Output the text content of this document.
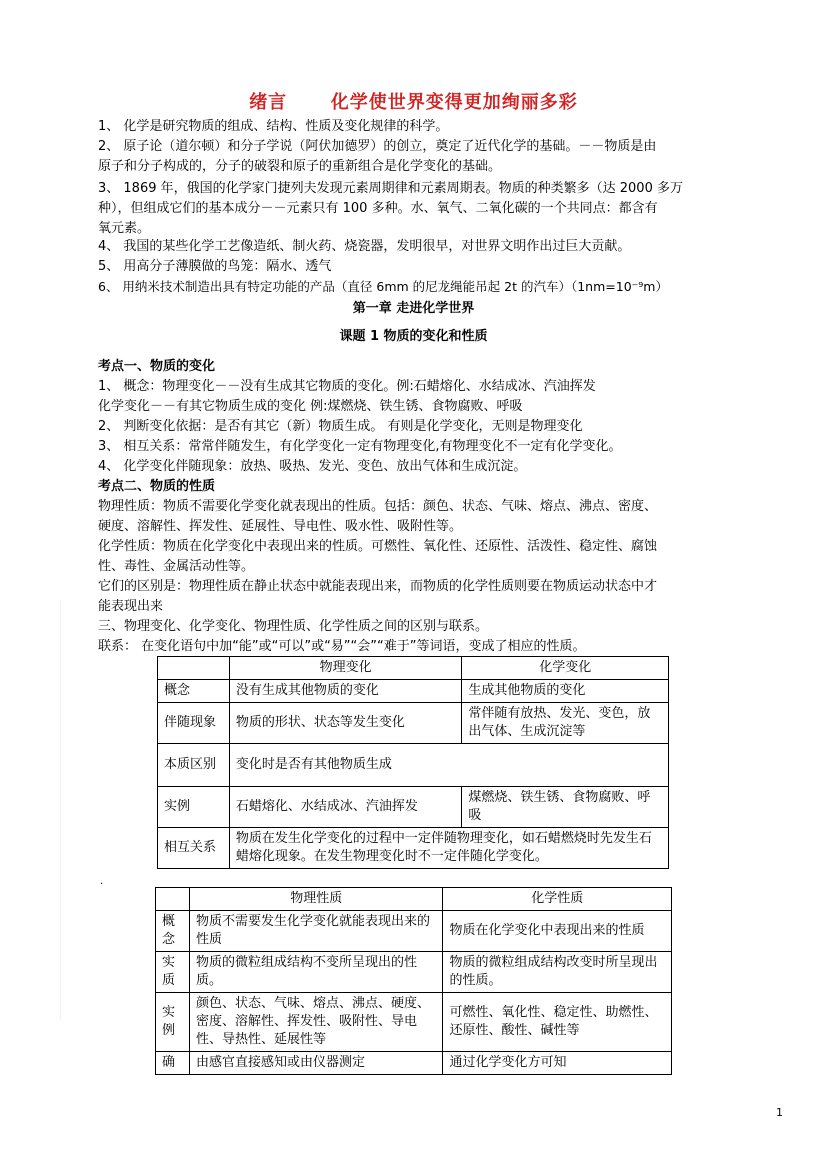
绪言      化学使世界变得更加绚丽多彩
1、 化学是研究物质的组成、结构、性质及变化规律的科学。
2、 原子论（道尔顿）和分子学说（阿伏加德罗）的创立，奠定了近代化学的基础。－－物质是由
原子和分子构成的，分子的破裂和原子的重新组合是化学变化的基础。
3、 1869 年，俄国的化学家门捷列夫发现元素周期律和元素周期表。物质的种类繁多（达 2000 多万
种），但组成它们的基本成分－－元素只有 100 多种。水、氧气、二氧化碳的一个共同点：都含有
氧元素。
4、 我国的某些化学工艺像造纸、制火药、烧瓷器，发明很早，对世界文明作出过巨大贡献。
5、 用高分子薄膜做的鸟笼：隔水、透气
6、 用纳米技术制造出具有特定功能的产品（直径 6mm 的尼龙绳能吊起 2t 的汽车）（1nm=10⁻⁹m）
第一章 走进化学世界
课题 1 物质的变化和性质
考点一、物质的变化
1、 概念：物理变化－－没有生成其它物质的变化。例:石蜡熔化、水结成冰、汽油挥发
化学变化－－有其它物质生成的变化 例:煤燃烧、铁生锈、食物腐败、呼吸
2、 判断变化依据：是否有其它（新）物质生成。 有则是化学变化，无则是物理变化
3、 相互关系：常常伴随发生，有化学变化一定有物理变化,有物理变化不一定有化学变化。
4、 化学变化伴随现象：放热、吸热、发光、变色、放出气体和生成沉淀。
考点二、物质的性质
物理性质：物质不需要化学变化就表现出的性质。包括：颜色、状态、气味、熔点、沸点、密度、
硬度、溶解性、挥发性、延展性、导电性、吸水性、吸附性等。
化学性质：物质在化学变化中表现出来的性质。可燃性、氧化性、还原性、活泼性、稳定性、腐蚀
性、毒性、金属活动性等。
它们的区别是：物理性质在静止状态中就能表现出来，而物质的化学性质则要在物质运动状态中才
能表现出来
三、物理变化、化学变化、物理性质、化学性质之间的区别与联系。
联系： 在变化语句中加“能”或“可以”或“易”“会”“难于”等词语，变成了相应的性质。
	物理变化	化学变化
概念	没有生成其他物质的变化	生成其他物质的变化
伴随现象	物质的形状、状态等发生变化	常伴随有放热、发光、变色，放出气体、生成沉淀等
本质区别	变化时是否有其他物质生成	
实例	石蜡熔化、水结成冰、汽油挥发	煤燃烧、铁生锈、食物腐败、呼吸
相互关系	物质在发生化学变化的过程中一定伴随物理变化，如石蜡燃烧时先发生石蜡熔化现象。在发生物理变化时不一定伴随化学变化。	
.
	物理性质	化学性质
概念	物质不需要发生化学变化就能表现出来的性质	物质在化学变化中表现出来的性质
实质	物质的微粒组成结构不变所呈现出的性质。	物质的微粒组成结构改变时所呈现出的性质。
实例	颜色、状态、气味、熔点、沸点、硬度、密度、溶解性、挥发性、吸附性、导电性、导热性、延展性等	可燃性、氧化性、稳定性、助燃性、还原性、酸性、碱性等
确	由感官直接感知或由仪器测定	通过化学变化方可知
1
